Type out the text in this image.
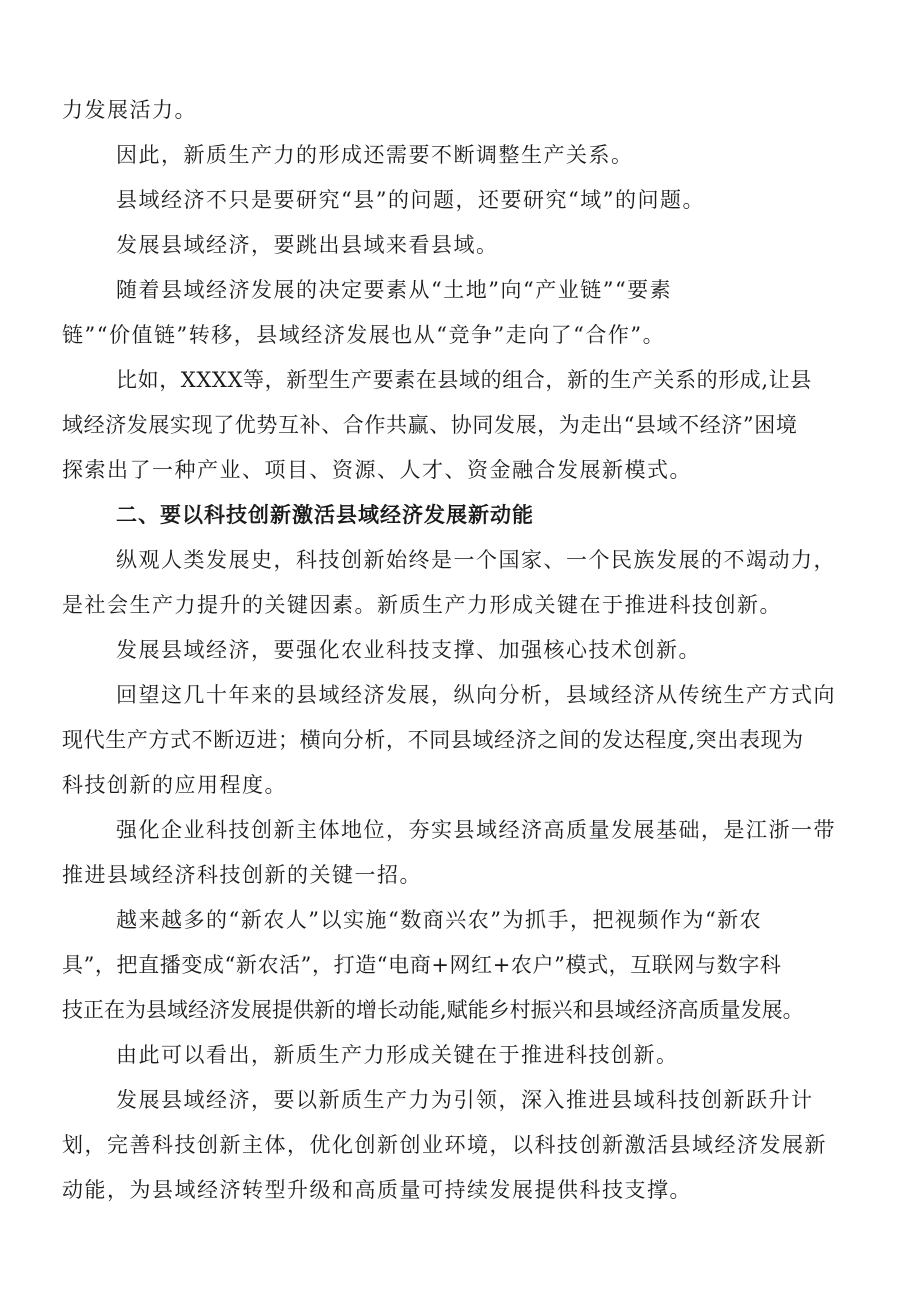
力发展活力。
因此，新质生产力的形成还需要不断调整生产关系。
县域经济不只是要研究“县”的问题，还要研究“域”的问题。
发展县域经济，要跳出县域来看县域。
随着县域经济发展的决定要素从“土地”向“产业链”“要素
链”“价值链”转移，县域经济发展也从“竞争”走向了“合作”。
比如，XXXX等，新型生产要素在县域的组合，新的生产关系的形成,让县
域经济发展实现了优势互补、合作共赢、协同发展，为走出“县域不经济”困境
探索出了一种产业、项目、资源、人才、资金融合发展新模式。
二、要以科技创新激活县域经济发展新动能
纵观人类发展史，科技创新始终是一个国家、一个民族发展的不竭动力，
是社会生产力提升的关键因素。新质生产力形成关键在于推进科技创新。
发展县域经济，要强化农业科技支撑、加强核心技术创新。
回望这几十年来的县域经济发展，纵向分析，县域经济从传统生产方式向
现代生产方式不断迈进；横向分析，不同县域经济之间的发达程度,突出表现为
科技创新的应用程度。
强化企业科技创新主体地位，夯实县域经济高质量发展基础，是江浙一带
推进县域经济科技创新的关键一招。
越来越多的“新农人”以实施“数商兴农”为抓手，把视频作为“新农
具”，把直播变成“新农活”，打造“电商+网红+农户”模式，互联网与数字科
技正在为县域经济发展提供新的增长动能,赋能乡村振兴和县域经济高质量发展。
由此可以看出，新质生产力形成关键在于推进科技创新。
发展县域经济，要以新质生产力为引领，深入推进县域科技创新跃升计
划，完善科技创新主体，优化创新创业环境，以科技创新激活县域经济发展新
动能，为县域经济转型升级和高质量可持续发展提供科技支撑。
